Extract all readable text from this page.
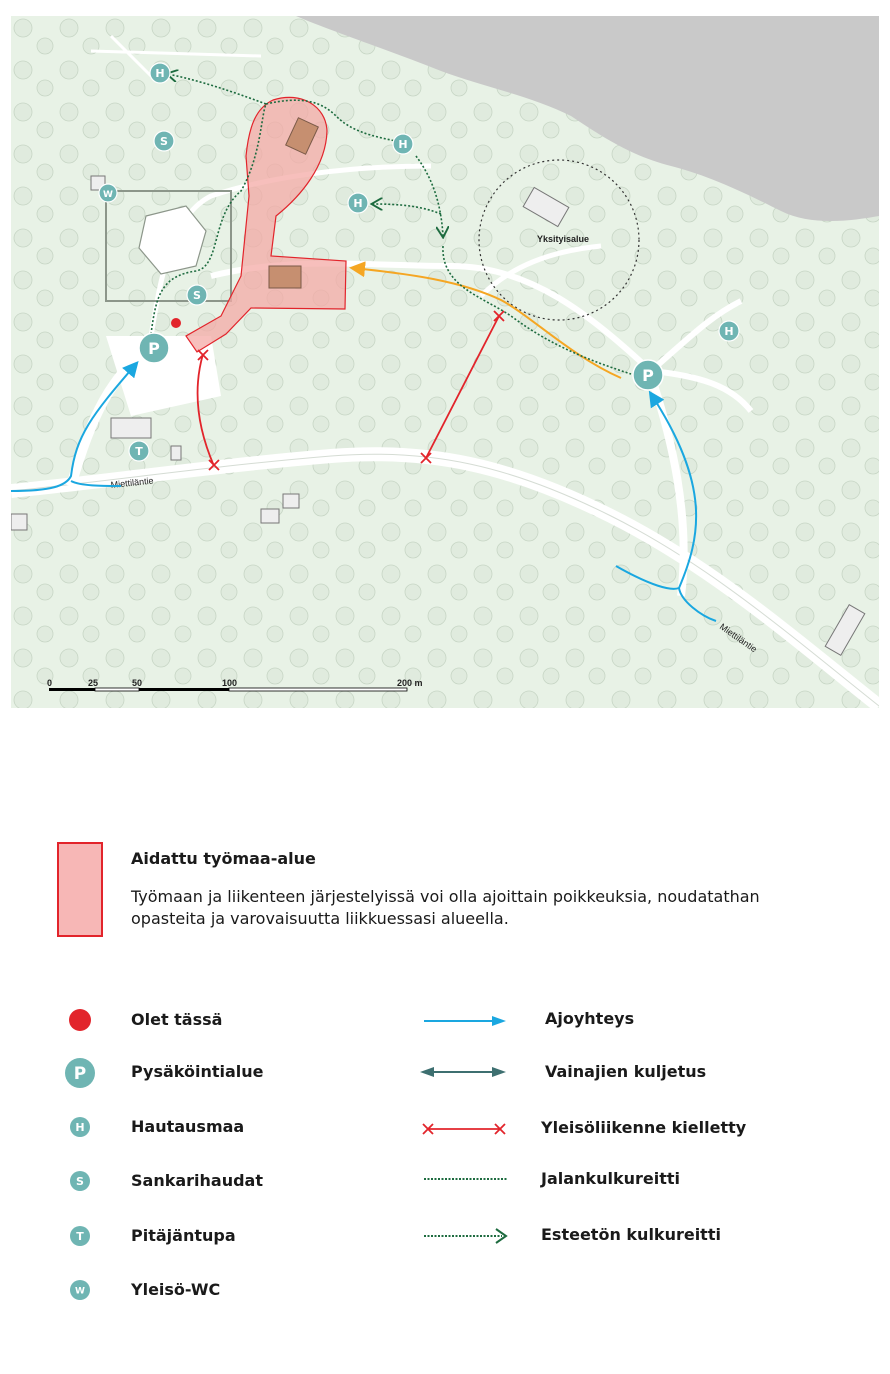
Yksityisalue
Miettiläntie
Miettiläntie
P
P
H
H
H
H
S
S
T
W
0	25	50	100	200 m
Aidattu työmaa-alue
Työmaan ja liikenteen järjestelyissä voi olla ajoittain poikkeuksia, noudatathan opasteita ja varovaisuutta liikkuessasi alueella.
Olet tässä
P	Pysäköintialue
H	Hautausmaa
S	Sankarihaudat
T	Pitäjäntupa
W	Yleisö-WC
Ajoyhteys
Vainajien kuljetus
Yleisöliikenne kielletty
Jalankulkureitti
Esteetön kulkureitti
